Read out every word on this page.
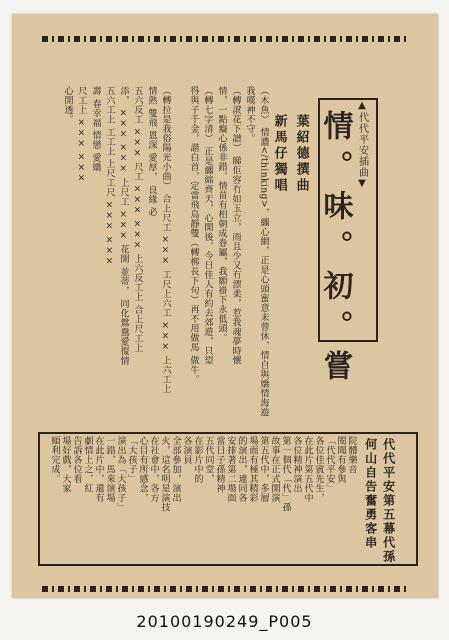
▲代代平安插曲▼
情。味。初。嘗
葉紹德撰曲
新馬仔獨唱
（木魚） 情濃</thinking>，纏心網，正是心頭蜜意未曾休，情自與嬌情海遊
我嘆神不守。
（轉滾花下譜） 睇佢容冇如玉立，雨且少又冇漂柔，惹我魂夢時懷
情，一點癡心係非錯，情苗有相朝成眷屬，我願褂下永低頭。
（轉七字清） 正是纏綿齊天，心開後，今日佳人有約去郊遊，只望
得與子千金，諧白首，定當飛鳥靜雙（轉梆長下句）再不用做馬 做牛。
（轉拉是我俗陽光小曲） 合上尺工 ××× 工尺上六工 ××× 上六工上
情熟 雙飛 恩深 愛厚， 良緣 必
五六反工 ××× 尺工 ××× ××× 上六反工上 合上尺工上
添， ××× ××× 上尺工 ××× 花開 並蒂， 同化鴛鴦愛復情
五六工上 工工上 上尺工尺 ××× ×××
壽 春幸福 情戀 愛嬌
尺工上 ××× ×××
心開透。
代代平安第五幕代孫
何山自告奮勇客串
院體樂音
閱聞有參與
「代代平安」
各位佳賓先生，
在此片第五代中
各位精神演出
第一個代「代」孫
故事在正式開演
第五代中，多層
場面有極其精彩
的演出，連同各
安排著第二場面
當日子孫精神
五代同堂，
在影片中的
各演員
全部參加，演出
火，這名明星演技
在社會中，各方
心目有所感念，
「大孩子」
演出為「大孩子」
一錯，馬來演場
在此片中，還有
劇情上之，紅
告訴各位看
場好戲，大家
順利完成。
20100190249_P005
